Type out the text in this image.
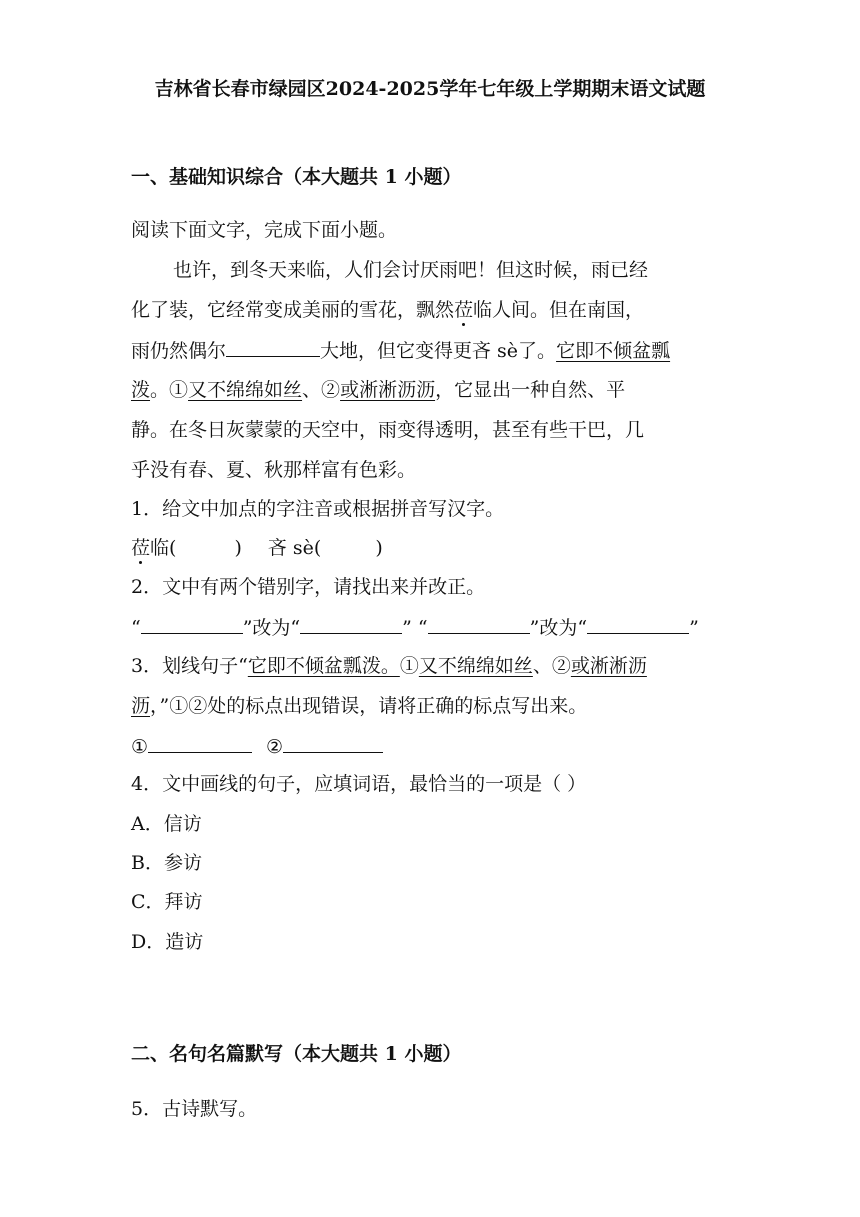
吉林省长春市绿园区2024-2025学年七年级上学期期末语文试题
一、基础知识综合（本大题共 1 小题）
阅读下面文字，完成下面小题。
也许，到冬天来临，人们会讨厌雨吧！但这时候，雨已经
化了装，它经常变成美丽的雪花，飘然莅临人间。但在南国，
雨仍然偶尔	大地，但它变得更吝 sè了。它即不倾盆瓢
泼。①又不绵绵如丝、②或淅淅沥沥，它显出一种自然、平
静。在冬日灰蒙蒙的天空中，雨变得透明，甚至有些干巴，几
乎没有春、夏、秋那样富有色彩。
1．给文中加点的字注音或根据拼音写汉字。
莅临(	) 吝 sè(	)
2．文中有两个错别字，请找出来并改正。
“	”改为“	” “	”改为“	”
3．划线句子“它即不倾盆瓢泼。①又不绵绵如丝、②或淅淅沥
沥，”①②处的标点出现错误，请将正确的标点写出来。
①	②
4．文中画线的句子，应填词语，最恰当的一项是（ ）
A．信访
B．参访
C．拜访
D．造访
二、名句名篇默写（本大题共 1 小题）
5．古诗默写。
